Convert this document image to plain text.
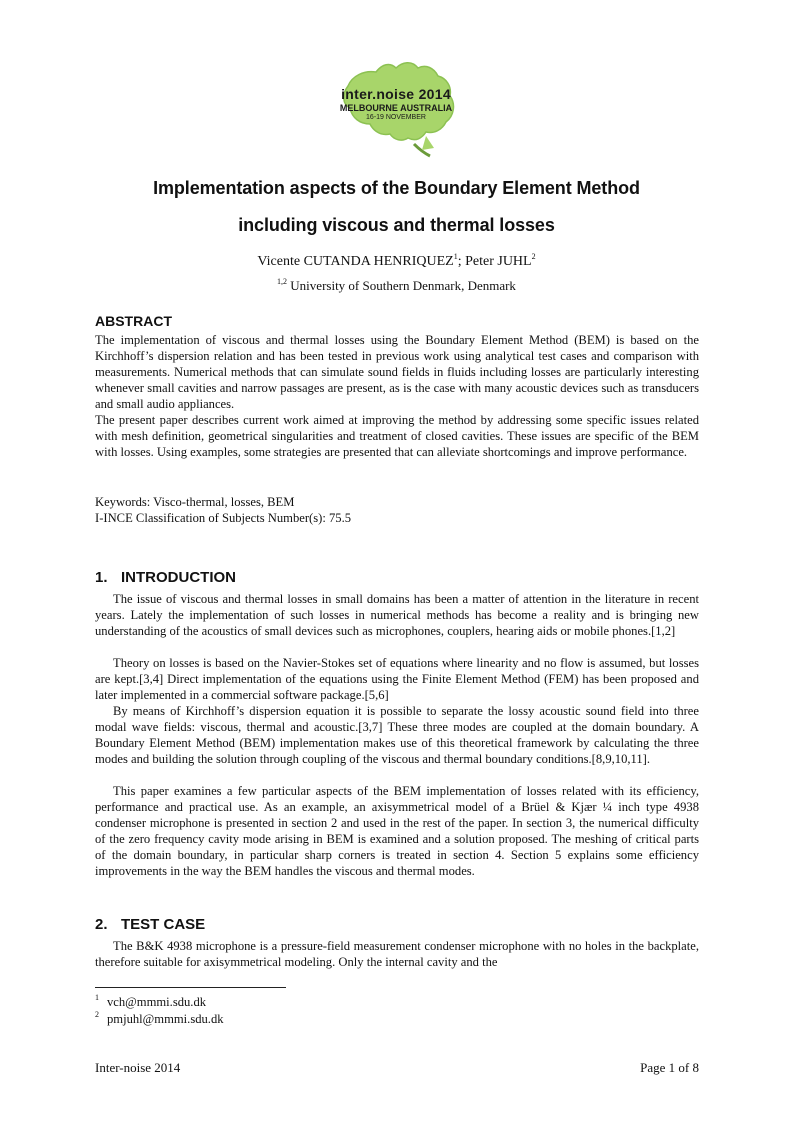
inter.noise 2014
MELBOURNE AUSTRALIA
16-19 NOVEMBER
Implementation aspects of the Boundary Element Method
including viscous and thermal losses
Vicente CUTANDA HENRIQUEZ$^1$; Peter JUHL$^2$
$^{1,2}$ University of Southern Denmark, Denmark
ABSTRACT
The implementation of viscous and thermal losses using the Boundary Element Method (BEM) is based on the Kirchhoff’s dispersion relation and has been tested in previous work using analytical test cases and comparison with measurements. Numerical methods that can simulate sound fields in fluids including losses are particularly interesting whenever small cavities and narrow passages are present, as is the case with many acoustic devices such as transducers and small audio appliances.
The present paper describes current work aimed at improving the method by addressing some specific issues related with mesh definition, geometrical singularities and treatment of closed cavities. These issues are specific of the BEM with losses. Using examples, some strategies are presented that can alleviate shortcomings and improve performance.
Keywords: Visco-thermal, losses, BEM
I-INCE Classification of Subjects Number(s): 75.5
1. INTRODUCTION
The issue of viscous and thermal losses in small domains has been a matter of attention in the literature in recent years. Lately the implementation of such losses in numerical methods has become a reality and is bringing new understanding of the acoustics of small devices such as microphones, couplers, hearing aids or mobile phones.[1,2]
Theory on losses is based on the Navier-Stokes set of equations where linearity and no flow is assumed, but losses are kept.[3,4] Direct implementation of the equations using the Finite Element Method (FEM) has been proposed and later implemented in a commercial software package.[5,6]
By means of Kirchhoff’s dispersion equation it is possible to separate the lossy acoustic sound field into three modal wave fields: viscous, thermal and acoustic.[3,7] These three modes are coupled at the domain boundary. A Boundary Element Method (BEM) implementation makes use of this theoretical framework by calculating the three modes and building the solution through coupling of the viscous and thermal boundary conditions.[8,9,10,11].
This paper examines a few particular aspects of the BEM implementation of losses related with its efficiency, performance and practical use. As an example, an axisymmetrical model of a Brüel & Kjær ¼ inch type 4938 condenser microphone is presented in section 2 and used in the rest of the paper. In section 3, the numerical difficulty of the zero frequency cavity mode arising in BEM is examined and a solution proposed. The meshing of critical parts of the domain boundary, in particular sharp corners is treated in section 4. Section 5 explains some efficiency improvements in the way the BEM handles the viscous and thermal modes.
2. TEST CASE
The B&K 4938 microphone is a pressure-field measurement condenser microphone with no holes in the backplate, therefore suitable for axisymmetrical modeling. Only the internal cavity and the
$^1$ vch@mmmi.sdu.dk
$^2$ pmjuhl@mmmi.sdu.dk
Inter-noise 2014	Page 1 of 8
